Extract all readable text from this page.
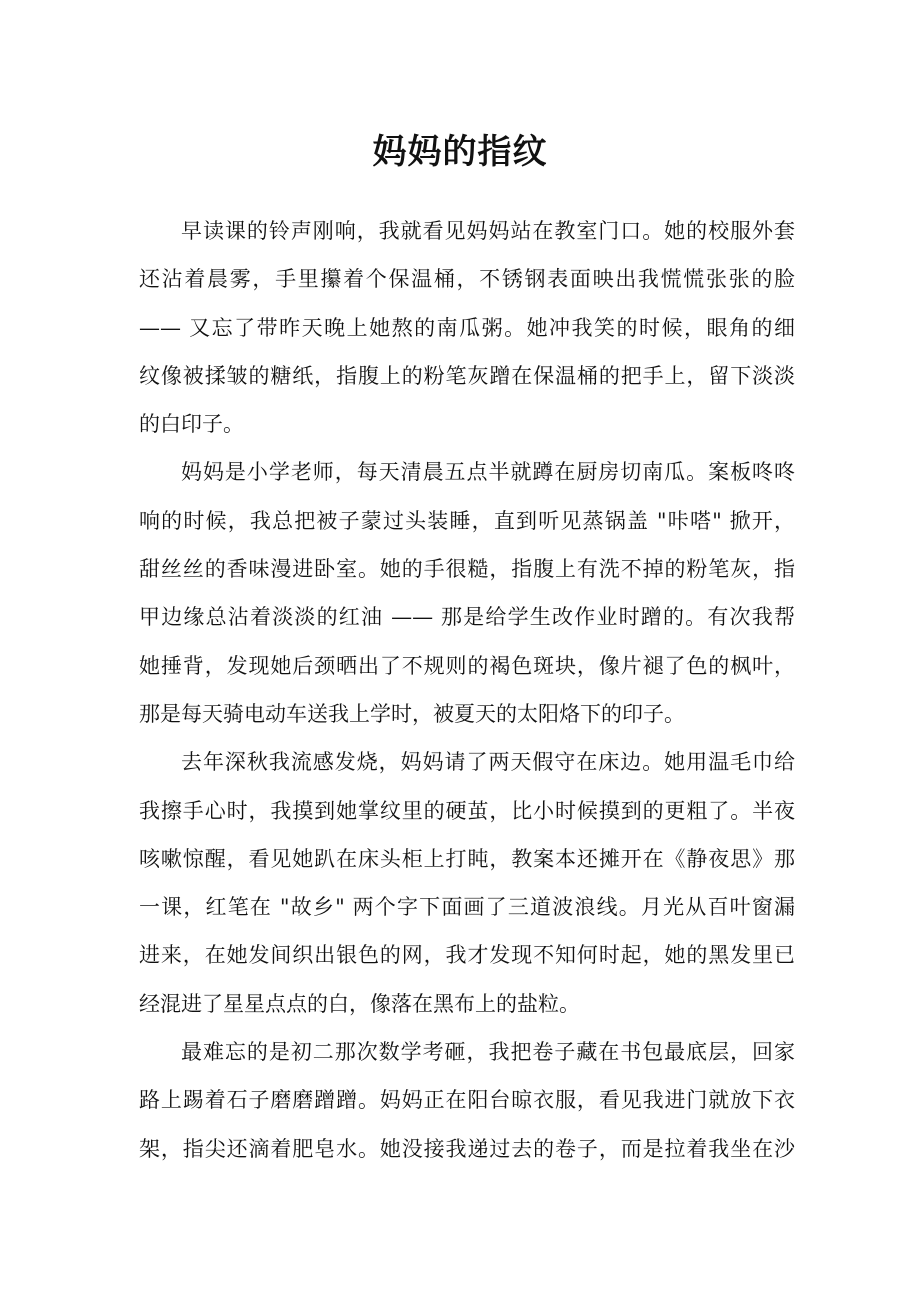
妈妈的指纹
早读课的铃声刚响，我就看见妈妈站在教室门口。她的校服外套
还沾着晨雾，手里攥着个保温桶，不锈钢表面映出我慌慌张张的脸
—— 又忘了带昨天晚上她熬的南瓜粥。她冲我笑的时候，眼角的细
纹像被揉皱的糖纸，指腹上的粉笔灰蹭在保温桶的把手上，留下淡淡
的白印子。
妈妈是小学老师，每天清晨五点半就蹲在厨房切南瓜。案板咚咚
响的时候，我总把被子蒙过头装睡，直到听见蒸锅盖 "咔嗒" 掀开，
甜丝丝的香味漫进卧室。她的手很糙，指腹上有洗不掉的粉笔灰，指
甲边缘总沾着淡淡的红油 —— 那是给学生改作业时蹭的。有次我帮
她捶背，发现她后颈晒出了不规则的褐色斑块，像片褪了色的枫叶，
那是每天骑电动车送我上学时，被夏天的太阳烙下的印子。
去年深秋我流感发烧，妈妈请了两天假守在床边。她用温毛巾给
我擦手心时，我摸到她掌纹里的硬茧，比小时候摸到的更粗了。半夜
咳嗽惊醒，看见她趴在床头柜上打盹，教案本还摊开在《静夜思》那
一课，红笔在 "故乡" 两个字下面画了三道波浪线。月光从百叶窗漏
进来，在她发间织出银色的网，我才发现不知何时起，她的黑发里已
经混进了星星点点的白，像落在黑布上的盐粒。
最难忘的是初二那次数学考砸，我把卷子藏在书包最底层，回家
路上踢着石子磨磨蹭蹭。妈妈正在阳台晾衣服，看见我进门就放下衣
架，指尖还滴着肥皂水。她没接我递过去的卷子，而是拉着我坐在沙
